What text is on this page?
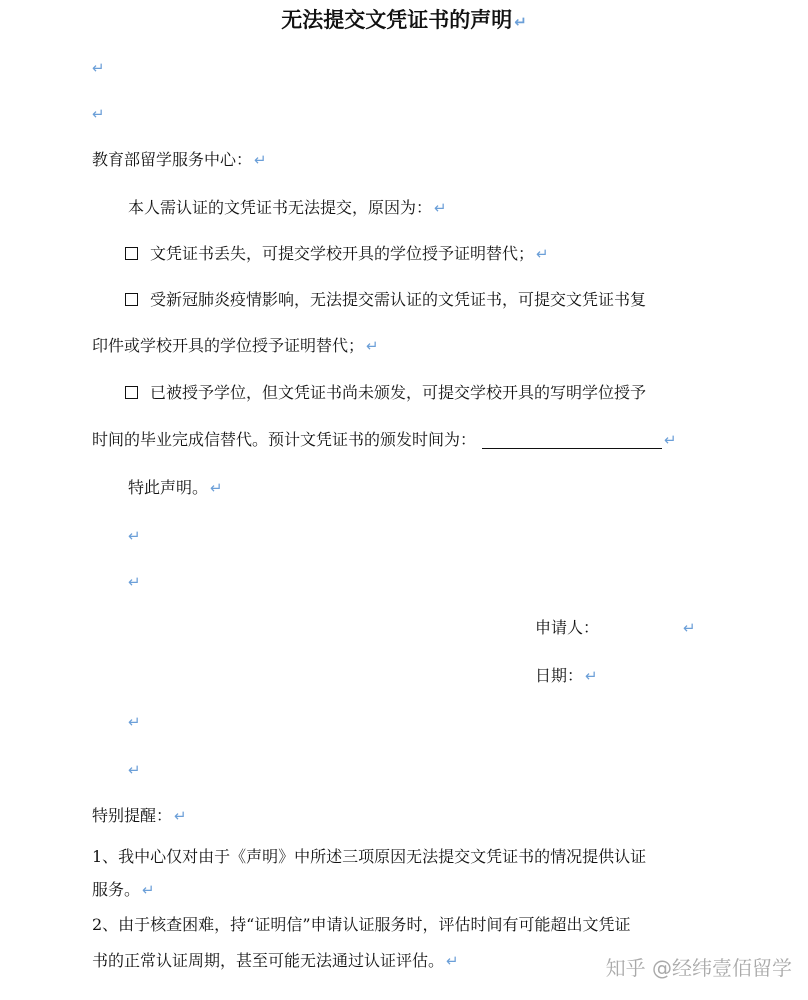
无法提交文凭证书的声明 ↵
↵
↵
教育部留学服务中心： ↵
本人需认证的文凭证书无法提交，原因为： ↵
文凭证书丢失，可提交学校开具的学位授予证明替代； ↵
受新冠肺炎疫情影响，无法提交需认证的文凭证书，可提交文凭证书复
印件或学校开具的学位授予证明替代； ↵
已被授予学位，但文凭证书尚未颁发，可提交学校开具的写明学位授予
时间的毕业完成信替代。预计文凭证书的颁发时间为：	↵
特此声明。 ↵
↵
↵
申请人：	↵
日期： ↵
↵
↵
特别提醒： ↵
1、我中心仅对由于《声明》中所述三项原因无法提交文凭证书的情况提供认证
服务。 ↵
2、由于核查困难，持“证明信”申请认证服务时，评估时间有可能超出文凭证
书的正常认证周期，甚至可能无法通过认证评估。 ↵	知乎 @经纬壹佰留学
